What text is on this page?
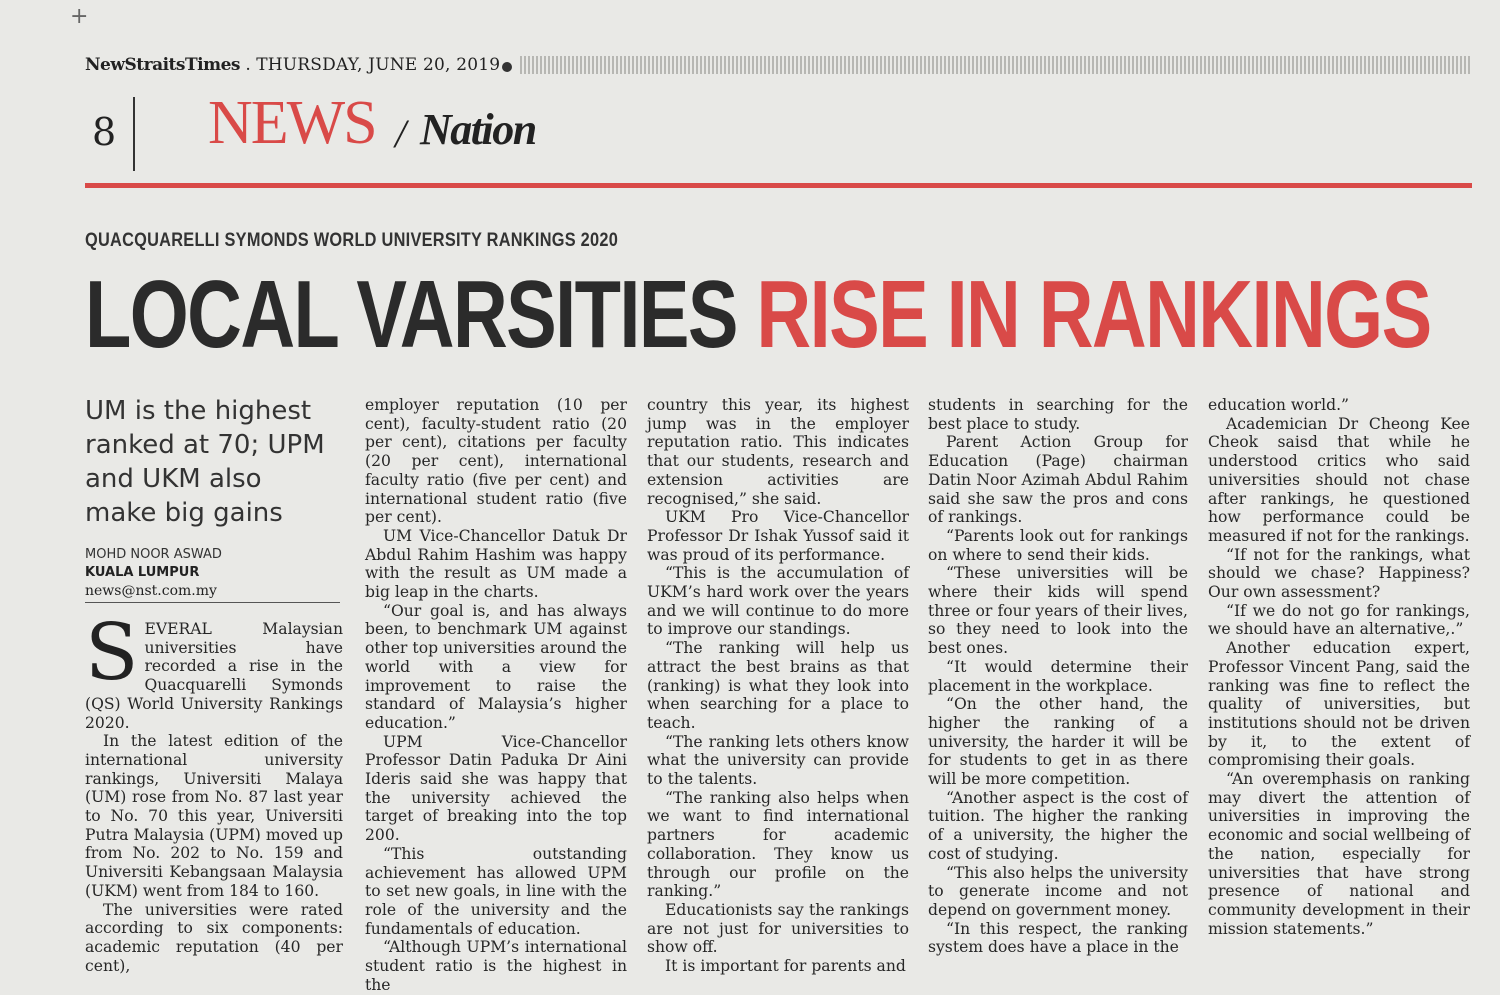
+
NewStraitsTimes . THURSDAY, JUNE 20, 2019
8 NEWS / Nation
QUACQUARELLI SYMONDS WORLD UNIVERSITY RANKINGS 2020
LOCAL VARSITIES RISE IN RANKINGS
UM is the highest ranked at 70; UPM and UKM also make big gains
MOHD NOOR ASWAD
KUALA LUMPUR
news@nst.com.my

SEVERAL Malaysian universities have recorded a rise in the Quacquarelli Symonds (QS) World University Rankings 2020.

In the latest edition of the international university rankings, Universiti Malaya (UM) rose from No. 87 last year to No. 70 this year, Universiti Putra Malaysia (UPM) moved up from No. 202 to No. 159 and Universiti Kebangsaan Malaysia (UKM) went from 184 to 160.

The universities were rated according to six components: academic reputation (40 per cent),

employer reputation (10 per cent), faculty-student ratio (20 per cent), citations per faculty (20 per cent), international faculty ratio (five per cent) and international student ratio (five per cent).

UM Vice-Chancellor Datuk Dr Abdul Rahim Hashim was happy with the result as UM made a big leap in the charts.

“Our goal is, and has always been, to benchmark UM against other top universities around the world with a view for improvement to raise the standard of Malaysia’s higher education.”

UPM Vice-Chancellor Professor Datin Paduka Dr Aini Ideris said she was happy that the university achieved the target of breaking into the top 200.

“This outstanding achievement has allowed UPM to set new goals, in line with the role of the university and the fundamentals of education.

“Although UPM’s international student ratio is the highest in the

country this year, its highest jump was in the employer reputation ratio. This indicates that our students, research and extension activities are recognised,” she said.

UKM Pro Vice-Chancellor Professor Dr Ishak Yussof said it was proud of its performance.

“This is the accumulation of UKM’s hard work over the years and we will continue to do more to improve our standings.

“The ranking will help us attract the best brains as that (ranking) is what they look into when searching for a place to teach.

“The ranking lets others know what the university can provide to the talents.

“The ranking also helps when we want to find international partners for academic collaboration. They know us through our profile on the ranking.”

Educationists say the rankings are not just for universities to show off.

It is important for parents and

students in searching for the best place to study.

Parent Action Group for Education (Page) chairman Datin Noor Azimah Abdul Rahim said she saw the pros and cons of rankings.

“Parents look out for rankings on where to send their kids.

“These universities will be where their kids will spend three or four years of their lives, so they need to look into the best ones.

“It would determine their placement in the workplace.

“On the other hand, the higher the ranking of a university, the harder it will be for students to get in as there will be more competition.

“Another aspect is the cost of tuition. The higher the ranking of a university, the higher the cost of studying.

“This also helps the university to generate income and not depend on government money.

“In this respect, the ranking system does have a place in the

education world.”

Academician Dr Cheong Kee Cheok saisd that while he understood critics who said universities should not chase after rankings, he questioned how performance could be measured if not for the rankings.

“If not for the rankings, what should we chase? Happiness? Our own assessment?

“If we do not go for rankings, we should have an alternative,.”

Another education expert, Professor Vincent Pang, said the ranking was fine to reflect the quality of universities, but institutions should not be driven by it, to the extent of compromising their goals.

“An overemphasis on ranking may divert the attention of universities in improving the economic and social wellbeing of the nation, especially for universities that have strong presence of national and community development in their mission statements.”
